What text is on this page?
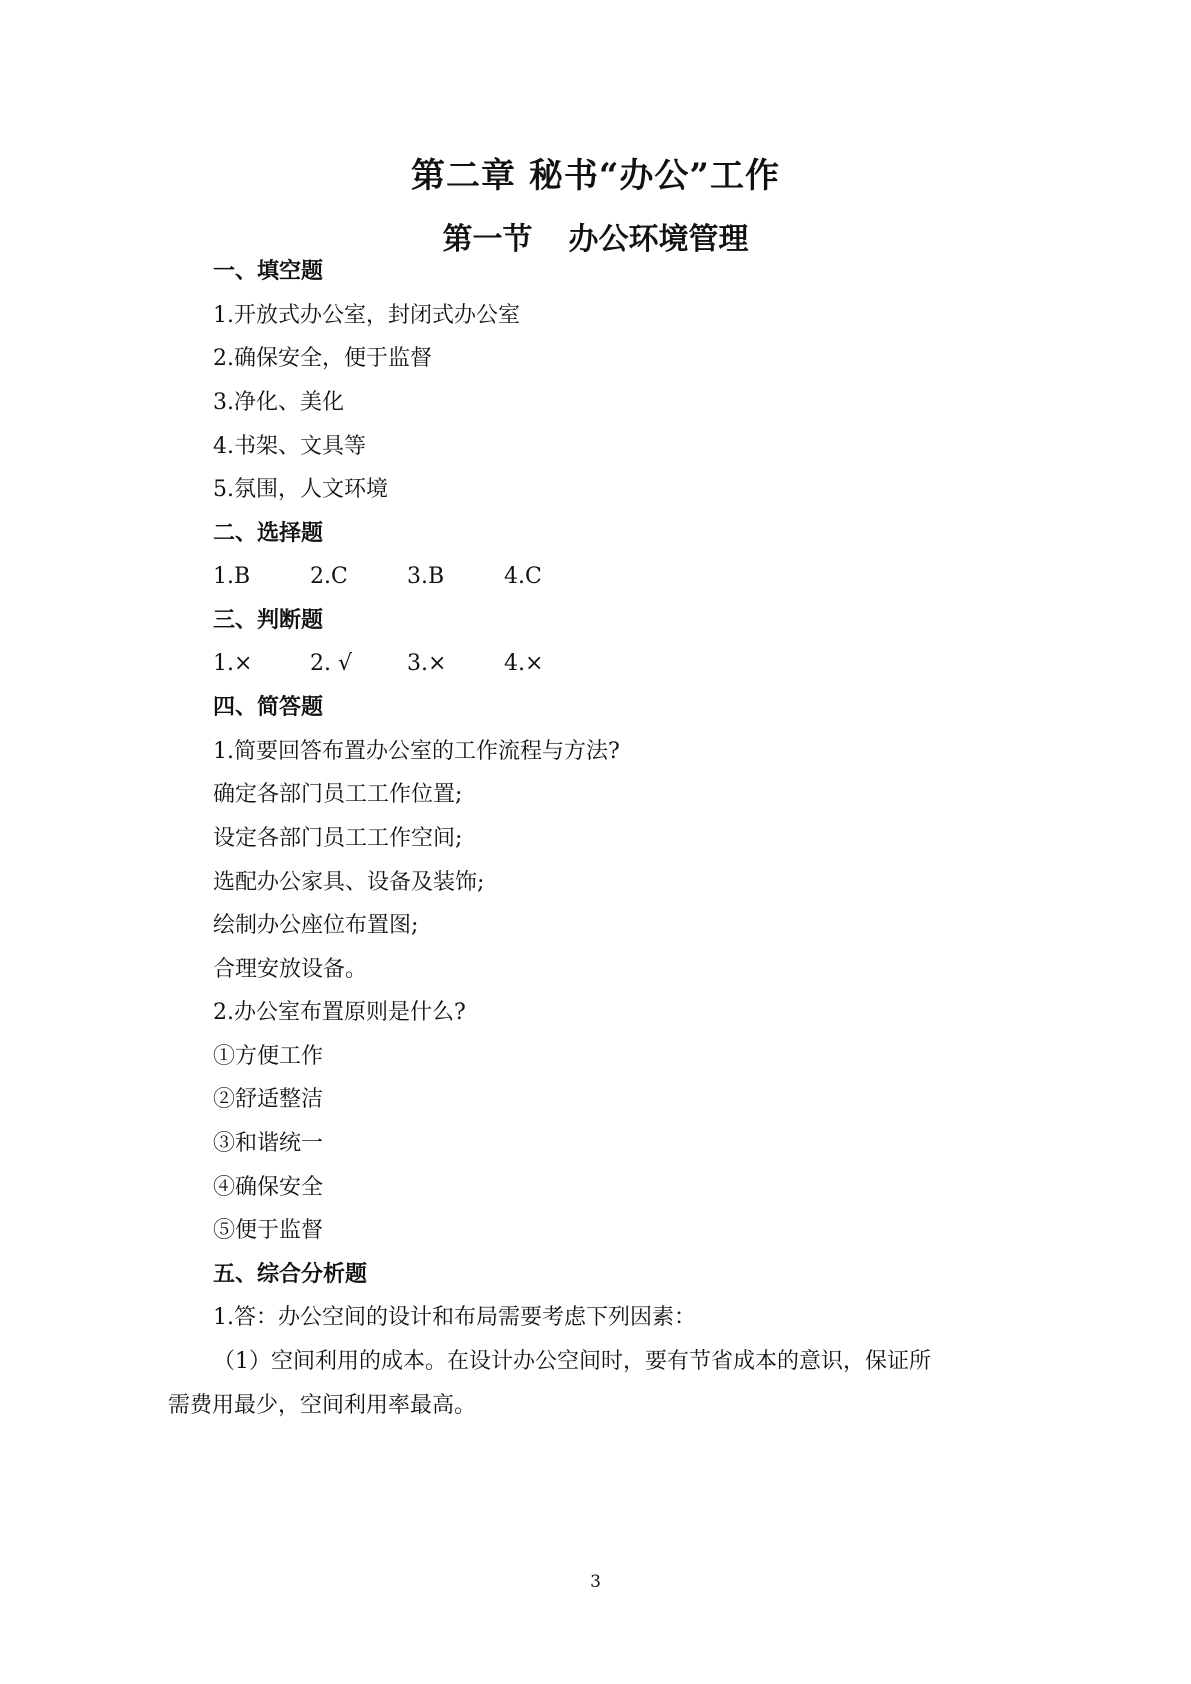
第二章 秘书“办公”工作
第一节 办公环境管理
一、填空题
1.开放式办公室，封闭式办公室
2.确保安全，便于监督
3.净化、美化
4.书架、文具等
5.氛围，人文环境
二、选择题
1.B	2.C	3.B	4.C
三、判断题
1.×	2. √	3.×	4.×
四、简答题
1.简要回答布置办公室的工作流程与方法?
确定各部门员工工作位置;
设定各部门员工工作空间;
选配办公家具、设备及装饰;
绘制办公座位布置图;
合理安放设备。
2.办公室布置原则是什么?
①方便工作
②舒适整洁
③和谐统一
④确保安全
⑤便于监督
五、综合分析题
1.答：办公空间的设计和布局需要考虑下列因素：
（1）空间利用的成本。在设计办公空间时，要有节省成本的意识，保证所
需费用最少，空间利用率最高。
3
